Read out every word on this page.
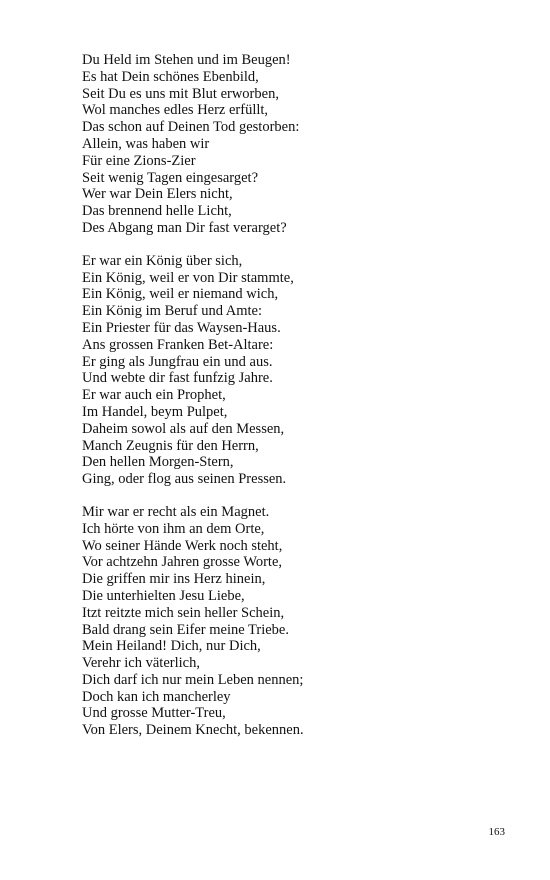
Du Held im Stehen und im Beugen!
Es hat Dein schönes Ebenbild,
Seit Du es uns mit Blut erworben,
Wol manches edles Herz erfüllt,
Das schon auf Deinen Tod gestorben:
Allein, was haben wir
Für eine Zions-Zier
Seit wenig Tagen eingesarget?
Wer war Dein Elers nicht,
Das brennend helle Licht,
Des Abgang man Dir fast verarget?
Er war ein König über sich,
Ein König, weil er von Dir stammte,
Ein König, weil er niemand wich,
Ein König im Beruf und Amte:
Ein Priester für das Waysen-Haus.
Ans grossen Franken Bet-Altare:
Er ging als Jungfrau ein und aus.
Und webte dir fast funfzig Jahre.
Er war auch ein Prophet,
Im Handel, beym Pulpet,
Daheim sowol als auf den Messen,
Manch Zeugnis für den Herrn,
Den hellen Morgen-Stern,
Ging, oder flog aus seinen Pressen.
Mir war er recht als ein Magnet.
Ich hörte von ihm an dem Orte,
Wo seiner Hände Werk noch steht,
Vor achtzehn Jahren grosse Worte,
Die griffen mir ins Herz hinein,
Die unterhielten Jesu Liebe,
Itzt reitzte mich sein heller Schein,
Bald drang sein Eifer meine Triebe.
Mein Heiland! Dich, nur Dich,
Verehr ich väterlich,
Dich darf ich nur mein Leben nennen;
Doch kan ich mancherley
Und grosse Mutter-Treu,
Von Elers, Deinem Knecht, bekennen.
163
